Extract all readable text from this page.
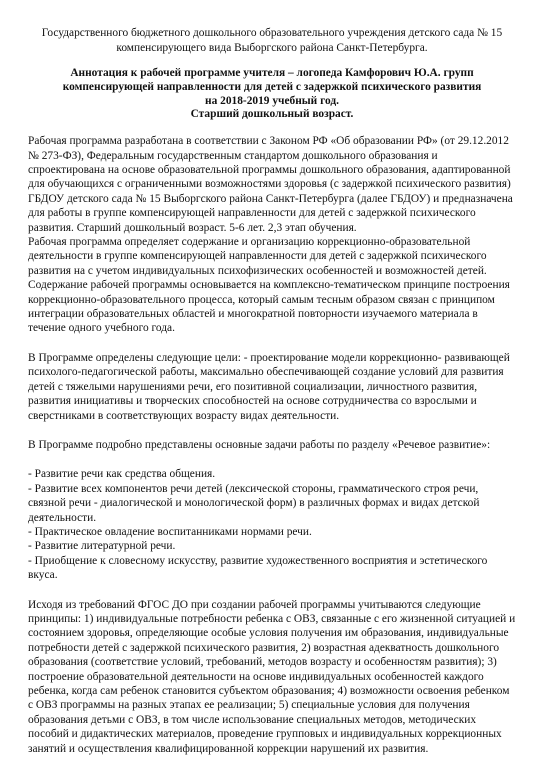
Государственного бюджетного дошкольного образовательного учреждения детского сада № 15 компенсирующего вида Выборгского района Санкт-Петербурга.
Аннотация к рабочей программе учителя – логопеда Камфорович Ю.А. групп
компенсирующей направленности для детей с задержкой психического развития
на 2018-2019 учебный год.
Старший дошкольный возраст.

Рабочая программа разработана в соответствии с Законом РФ «Об образовании РФ» (от 29.12.2012 № 273-ФЗ), Федеральным государственным стандартом дошкольного образования и спроектирована на основе образовательной программы дошкольного образования, адаптированной для обучающихся с ограниченными возможностями здоровья (с задержкой психического развития) ГБДОУ детского сада № 15 Выборгского района Санкт-Петербурга (далее ГБДОУ) и предназначена для работы в группе компенсирующей направленности для детей с задержкой психического развития. Старший дошкольный возраст. 5-6 лет. 2,3 этап обучения.

Рабочая программа определяет содержание и организацию коррекционно-образовательной деятельности в группе компенсирующей направленности для детей с задержкой психического развития на с учетом индивидуальных психофизических особенностей и возможностей детей.

Содержание рабочей программы основывается на комплексно-тематическом принципе построения коррекционно-образовательного процесса, который самым тесным образом связан с принципом интеграции образовательных областей и многократной повторности изучаемого материала в течение одного учебного года.

В Программе определены следующие цели: - проектирование модели коррекционно- развивающей психолого-педагогической работы, максимально обеспечивающей создание условий для развития детей с тяжелыми нарушениями речи, его позитивной социализации, личностного развития, развития инициативы и творческих способностей на основе сотрудничества со взрослыми и сверстниками в соответствующих возрасту видах деятельности.

В Программе подробно представлены основные задачи работы по разделу «Речевое развитие»:

- Развитие речи как средства общения.
- Развитие всех компонентов речи детей (лексической стороны, грамматического строя речи, связной речи - диалогической и монологической форм) в различных формах и видах детской деятельности.
- Практическое овладение воспитанниками нормами речи.
- Развитие литературной речи.
- Приобщение к словесному искусству, развитие художественного восприятия и эстетического вкуса.

Исходя из требований ФГОС ДО при создании рабочей программы учитываются следующие принципы: 1) индивидуальные потребности ребенка с ОВЗ, связанные с его жизненной ситуацией и состоянием здоровья, определяющие особые условия получения им образования, индивидуальные потребности детей с задержкой психического развития, 2) возрастная адекватность дошкольного образования (соответствие условий, требований, методов возрасту и особенностям развития); 3) построение образовательной деятельности на основе индивидуальных особенностей каждого ребенка, когда сам ребенок становится субъектом образования; 4) возможности освоения ребенком с ОВЗ программы на разных этапах ее реализации; 5) специальные условия для получения образования детьми с ОВЗ, в том числе использование специальных методов, методических пособий и дидактических материалов, проведение групповых и индивидуальных коррекционных занятий и осуществления квалифицированной коррекции нарушений их развития.
